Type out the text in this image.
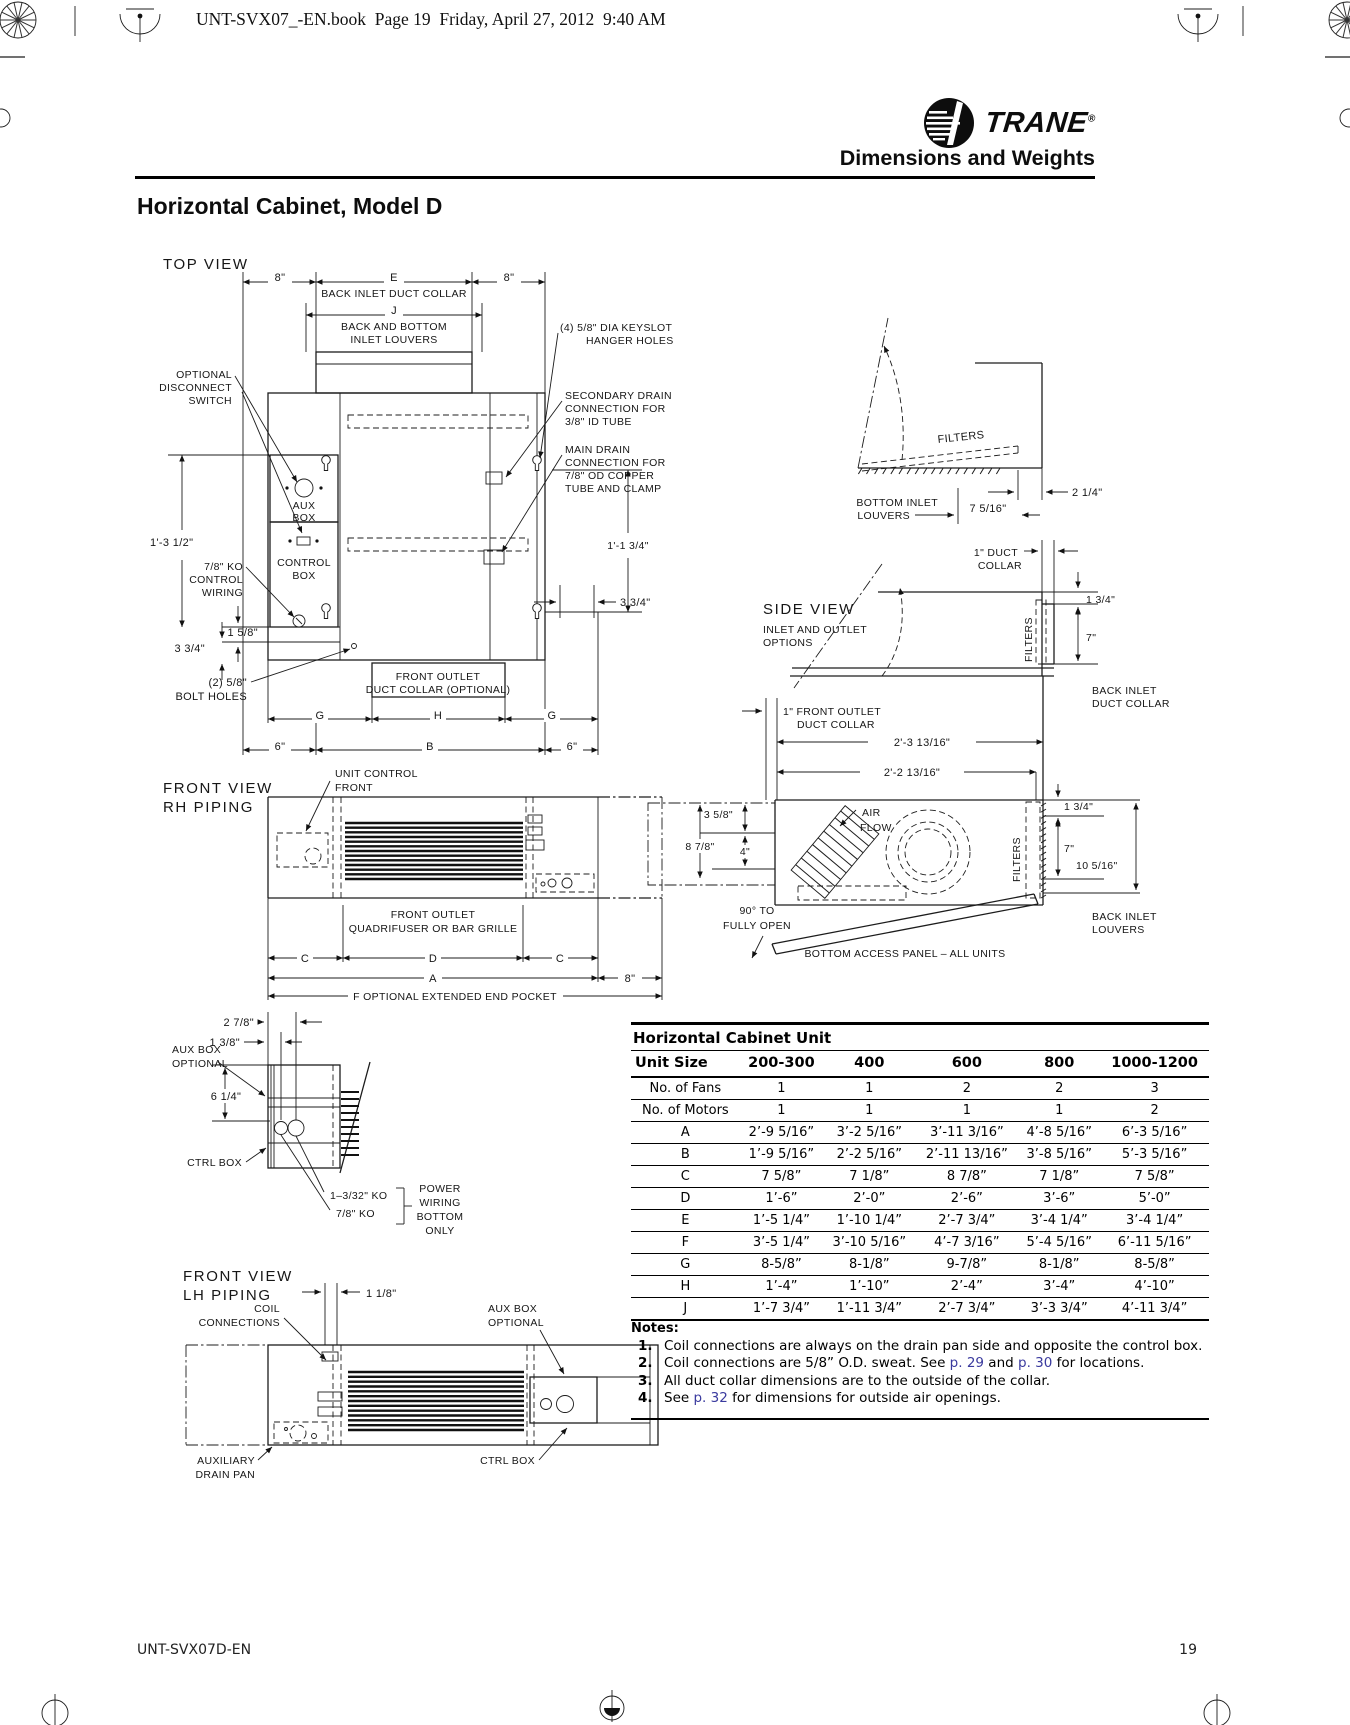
TOP VIEW
8"	E	8"
J
BACK INLET DUCT COLLAR
BACK AND BOTTOM
INLET LOUVERS
AUX
BOX
CONTROL
BOX
OPTIONAL
DISCONNECT
SWITCH
1'-3 1/2"
7/8" KO
CONTROL
WIRING
1 5/8"
3 3/4"
(2) 5/8"
BOLT HOLES
1'-1 3/4"
3 3/4"
(4) 5/8" DIA KEYSLOT
HANGER HOLES
SECONDARY DRAIN
CONNECTION FOR
3/8" ID TUBE
MAIN DRAIN
CONNECTION FOR
7/8" OD COPPER
TUBE AND CLAMP
FRONT OUTLET
DUCT COLLAR (OPTIONAL)
G	H	G
6"	B	6"
FILTERS
2 1/4"
BOTTOM INLET
LOUVERS
7 5/16"
SIDE VIEW
INLET AND OUTLET
OPTIONS
1" DUCT
COLLAR
FILTERS
1 3/4"
7"
BACK INLET
DUCT COLLAR
1" FRONT OUTLET
DUCT COLLAR
2'-3 13/16"
2'-2 13/16"
AIR
FLOW
FILTERS
1 3/4"
7"
10 5/16"
90° TO
FULLY OPEN
BOTTOM ACCESS PANEL – ALL UNITS
BACK INLET
LOUVERS
3 5/8"
8 7/8" 4"
FRONT VIEW
RH PIPING
UNIT CONTROL
FRONT
FRONT OUTLET
QUADRIFUSER OR BAR GRILLE
C	D	C
A	8"
F OPTIONAL EXTENDED END POCKET
2 7/8"
1 3/8"
AUX BOX
OPTIONAL
6 1/4"
CTRL BOX
1–3/32" KO
7/8" KO
POWER
WIRING
BOTTOM
ONLY
FRONT VIEW
LH PIPING	1 1/8"
COIL
CONNECTIONS
AUX BOX
OPTIONAL
AUXILIARY
DRAIN PAN
CTRL BOX
UNT-SVX07_-EN.book  Page 19  Friday, April 27, 2012  9:40 AM
TRANE®
Dimensions and Weights
Horizontal Cabinet, Model D
Horizontal Cabinet Unit
Unit Size	200-300	400	600	800	1000-1200
No. of Fans	1	1	2	2	3
No. of Motors	1	1	1	1	2
A	2’-9 5/16”	3’-2 5/16”	3’-11 3/16”	4’-8 5/16”	6’-3 5/16”
B	1’-9 5/16”	2’-2 5/16”	2’-11 13/16”	3’-8 5/16”	5’-3 5/16”
C	7 5/8”	7 1/8”	8 7/8”	7 1/8”	7 5/8”
D	1’-6”	2’-0”	2’-6”	3’-6”	5’-0”
E	1’-5 1/4”	1’-10 1/4”	2’-7 3/4”	3’-4 1/4”	3’-4 1/4”
F	3’-5 1/4”	3’-10 5/16”	4’-7 3/16”	5’-4 5/16”	6’-11 5/16”
G	8-5/8”	8-1/8”	9-7/8”	8-1/8”	8-5/8”
H	1’-4”	1’-10”	2’-4”	3’-4”	4’-10”
J	1’-7 3/4”	1’-11 3/4”	2’-7 3/4”	3’-3 3/4”	4’-11 3/4”
Notes:
1. Coil connections are always on the drain pan side and opposite the control box.
2. Coil connections are 5/8” O.D. sweat. See p. 29 and p. 30 for locations.
3. All duct collar dimensions are to the outside of the collar.
4. See p. 32 for dimensions for outside air openings.
UNT-SVX07D-EN	19
